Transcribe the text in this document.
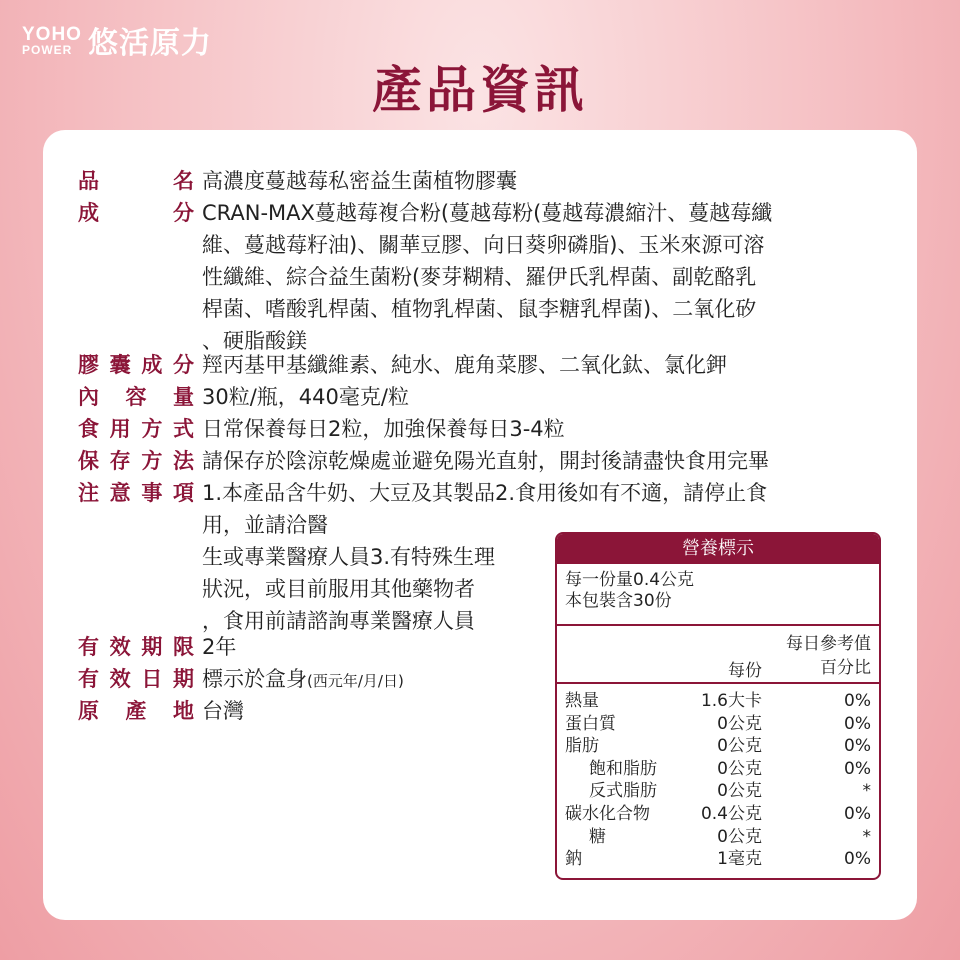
YOHO
POWER 悠活原力
產品資訊
品	名 高濃度蔓越莓私密益生菌植物膠囊
成	分 CRAN-MAX蔓越莓複合粉(蔓越莓粉(蔓越莓濃縮汁、蔓越莓纖
維、蔓越莓籽油)、關華豆膠、向日葵卵磷脂)、玉米來源可溶
性纖維、綜合益生菌粉(麥芽糊精、羅伊氏乳桿菌、副乾酪乳
桿菌、嗜酸乳桿菌、植物乳桿菌、鼠李糖乳桿菌)、二氧化矽
、硬脂酸鎂
膠 囊 成 分 羥丙基甲基纖維素、純水、鹿角菜膠、二氧化鈦、氯化鉀
內 容 量 30粒/瓶，440毫克/粒
食 用 方 式 日常保養每日2粒，加強保養每日3-4粒
保 存 方 法 請保存於陰涼乾燥處並避免陽光直射，開封後請盡快食用完畢
注 意 事 項 1.本產品含牛奶、大豆及其製品2.食用後如有不適，請停止食
用，並請洽醫
生或專業醫療人員3.有特殊生理
狀況，或目前服用其他藥物者
，食用前請諮詢專業醫療人員
有 效 期 限 2年
有 效 日 期 標示於盒身(西元年/月/日)
原 產 地 台灣
營養標示
每一份量0.4公克
本包裝含30份
每份
每日參考值
百分比
熱量	1.6大卡	0%
蛋白質	0公克	0%
脂肪	0公克	0%
飽和脂肪	0公克	0%
反式脂肪	0公克	*
碳水化合物	0.4公克	0%
糖	0公克	*
鈉	1毫克	0%
